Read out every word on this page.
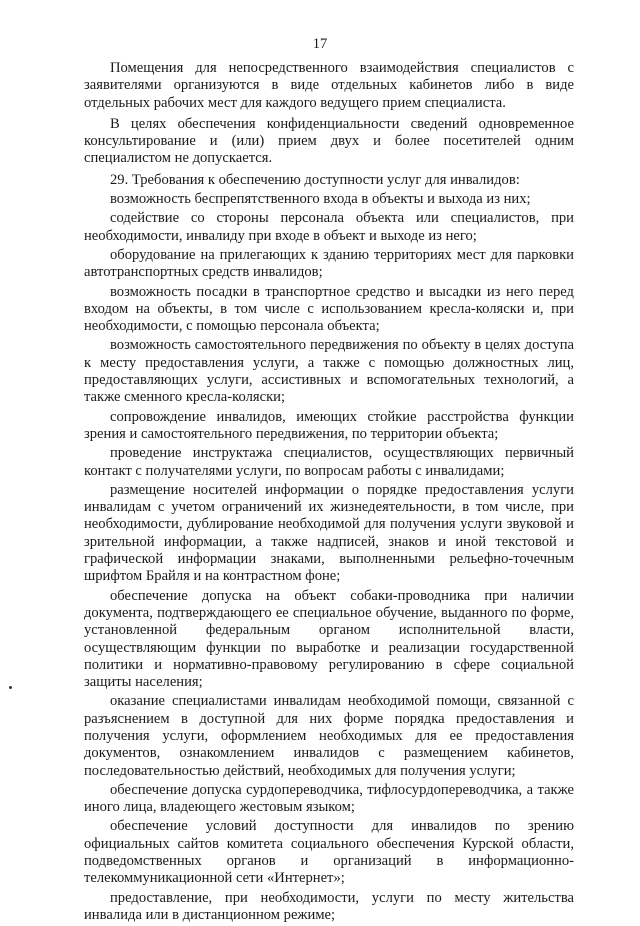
17

Помещения для непосредственного взаимодействия специалистов с заявителями организуются в виде отдельных кабинетов либо в виде отдельных рабочих мест для каждого ведущего прием специалиста.

В целях обеспечения конфиденциальности сведений одновременное консультирование и (или) прием двух и более посетителей одним специалистом не допускается.

29. Требования к обеспечению доступности услуг для инвалидов:

возможность беспрепятственного входа в объекты и выхода из них;

содействие со стороны персонала объекта или специалистов, при необходимости, инвалиду при входе в объект и выходе из него;

оборудование на прилегающих к зданию территориях мест для парковки автотранспортных средств инвалидов;

возможность посадки в транспортное средство и высадки из него перед входом на объекты, в том числе с использованием кресла-коляски и, при необходимости, с помощью персонала объекта;

возможность самостоятельного передвижения по объекту в целях доступа к месту предоставления услуги, а также с помощью должностных лиц, предоставляющих услуги, ассистивных и вспомогательных технологий, а также сменного кресла-коляски;

сопровождение инвалидов, имеющих стойкие расстройства функции зрения и самостоятельного передвижения, по территории объекта;

проведение инструктажа специалистов, осуществляющих первичный контакт с получателями услуги, по вопросам работы с инвалидами;

размещение носителей информации о порядке предоставления услуги инвалидам с учетом ограничений их жизнедеятельности, в том числе, при необходимости, дублирование необходимой для получения услуги звуковой и зрительной информации, а также надписей, знаков и иной текстовой и графической информации знаками, выполненными рельефно-точечным шрифтом Брайля и на контрастном фоне;

обеспечение допуска на объект собаки-проводника при наличии документа, подтверждающего ее специальное обучение, выданного по форме, установленной федеральным органом исполнительной власти, осуществляющим функции по выработке и реализации государственной политики и нормативно-правовому регулированию в сфере социальной защиты населения;

оказание специалистами инвалидам необходимой помощи, связанной с разъяснением в доступной для них форме порядка предоставления и получения услуги, оформлением необходимых для ее предоставления документов, ознакомлением инвалидов с размещением кабинетов, последовательностью действий, необходимых для получения услуги;

обеспечение допуска сурдопереводчика, тифлосурдопереводчика, а также иного лица, владеющего жестовым языком;

обеспечение условий доступности для инвалидов по зрению официальных сайтов комитета социального обеспечения Курской области, подведомственных органов и организаций в информационно-телекоммуникационной сети «Интернет»;

предоставление, при необходимости, услуги по месту жительства инвалида или в дистанционном режиме;
